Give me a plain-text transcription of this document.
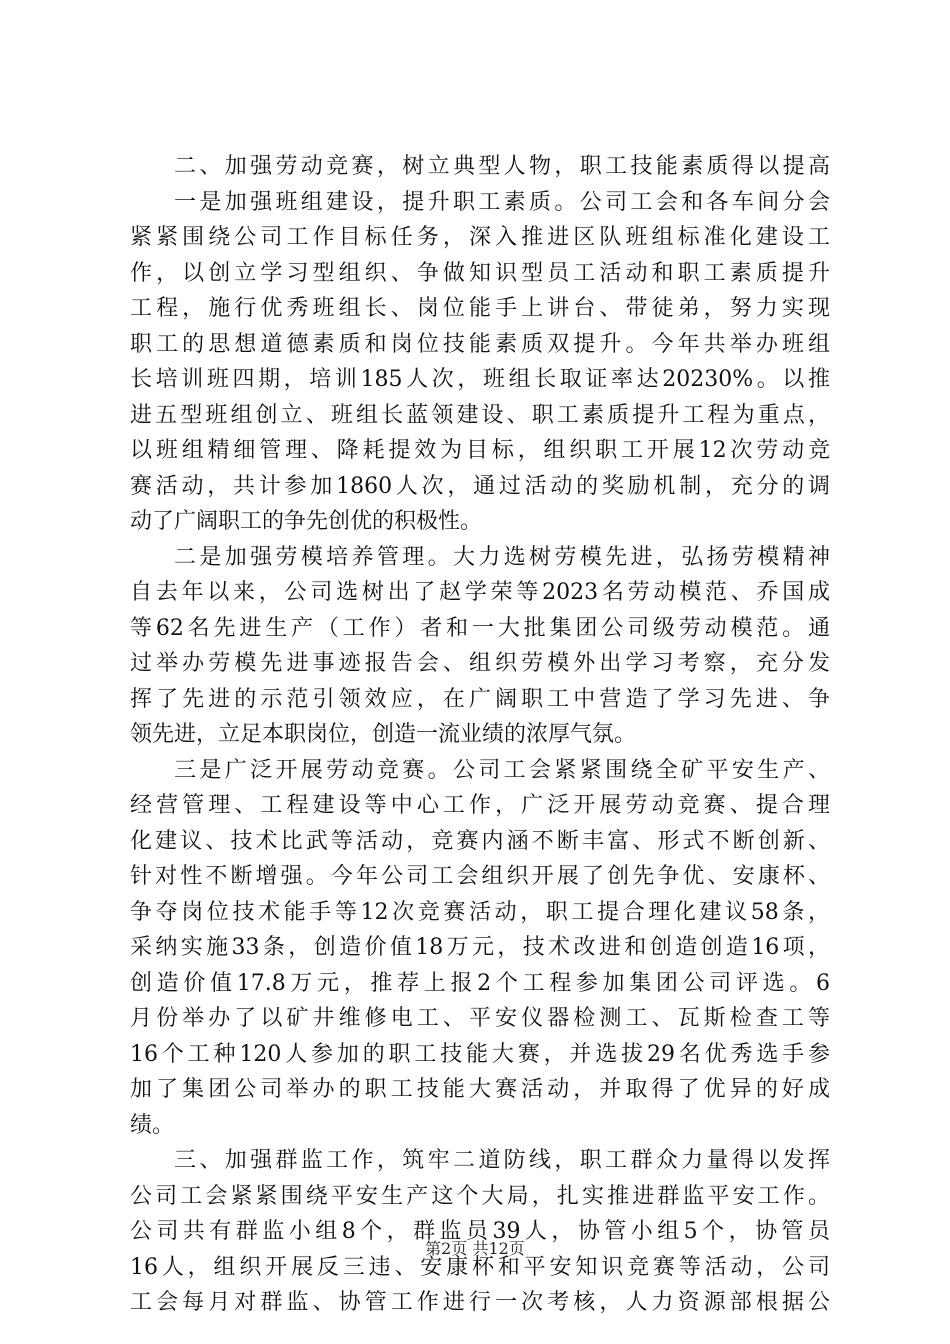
二、加强劳动竞赛，树立典型人物，职工技能素质得以提高
一是加强班组建设，提升职工素质。公司工会和各车间分会
紧紧围绕公司工作目标任务，深入推进区队班组标准化建设工
作，以创立学习型组织、争做知识型员工活动和职工素质提升
工程，施行优秀班组长、岗位能手上讲台、带徒弟，努力实现
职工的思想道德素质和岗位技能素质双提升。今年共举办班组
长培训班四期，培训185人次，班组长取证率达20230%。以推
进五型班组创立、班组长蓝领建设、职工素质提升工程为重点，
以班组精细管理、降耗提效为目标，组织职工开展12次劳动竞
赛活动，共计参加1860人次，通过活动的奖励机制，充分的调
动了广阔职工的争先创优的积极性。
二是加强劳模培养管理。大力选树劳模先进，弘扬劳模精神
自去年以来，公司选树出了赵学荣等2023名劳动模范、乔国成
等62名先进生产（工作）者和一大批集团公司级劳动模范。通
过举办劳模先进事迹报告会、组织劳模外出学习考察，充分发
挥了先进的示范引领效应，在广阔职工中营造了学习先进、争
领先进，立足本职岗位，创造一流业绩的浓厚气氛。
三是广泛开展劳动竞赛。公司工会紧紧围绕全矿平安生产、
经营管理、工程建设等中心工作，广泛开展劳动竞赛、提合理
化建议、技术比武等活动，竞赛内涵不断丰富、形式不断创新、
针对性不断增强。今年公司工会组织开展了创先争优、安康杯、
争夺岗位技术能手等12次竞赛活动，职工提合理化建议58条，
采纳实施33条，创造价值18万元，技术改进和创造创造16项，
创造价值17.8万元，推荐上报2个工程参加集团公司评选。6
月份举办了以矿井维修电工、平安仪器检测工、瓦斯检查工等
16个工种120人参加的职工技能大赛，并选拔29名优秀选手参
加了集团公司举办的职工技能大赛活动，并取得了优异的好成
绩。
三、加强群监工作，筑牢二道防线，职工群众力量得以发挥
公司工会紧紧围绕平安生产这个大局，扎实推进群监平安工作。
公司共有群监小组8个，群监员39人，协管小组5个，协管员
16人，组织开展反三违、安康杯和平安知识竞赛等活动，公司
工会每月对群监、协管工作进行一次考核，人力资源部根据公
第2页 共12页
